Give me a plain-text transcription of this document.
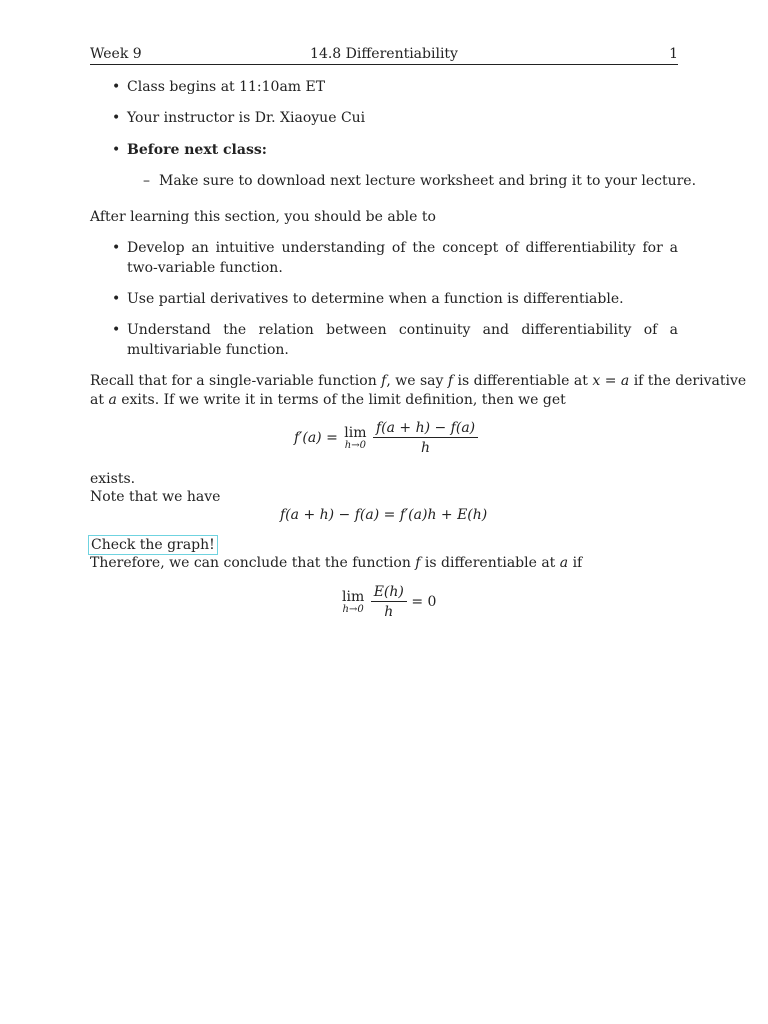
Week 9	14.8 Differentiability	1
• Class begins at 11:10am ET
• Your instructor is Dr. Xiaoyue Cui
• Before next class:
– Make sure to download next lecture worksheet and bring it to your lecture.
After learning this section, you should be able to
• Develop an intuitive understanding of the concept of differentiability for a two-variable function.
• Use partial derivatives to determine when a function is differentiable.
• Understand the relation between continuity and differentiability of a multivariable function.
Recall that for a single-variable function f, we say f is differentiable at x = a if the derivative
at a exits. If we write it in terms of the limit definition, then we get
f′(a) = lim
h→0
$\frac{f(a + h) - f(a)}{h}$
exists.
Note that we have
f(a + h) − f(a) = f′(a)h + E(h)
Check the graph!
Therefore, we can conclude that the function f is differentiable at a if
lim
h→0
$\frac{E(h)}{h} = 0$
